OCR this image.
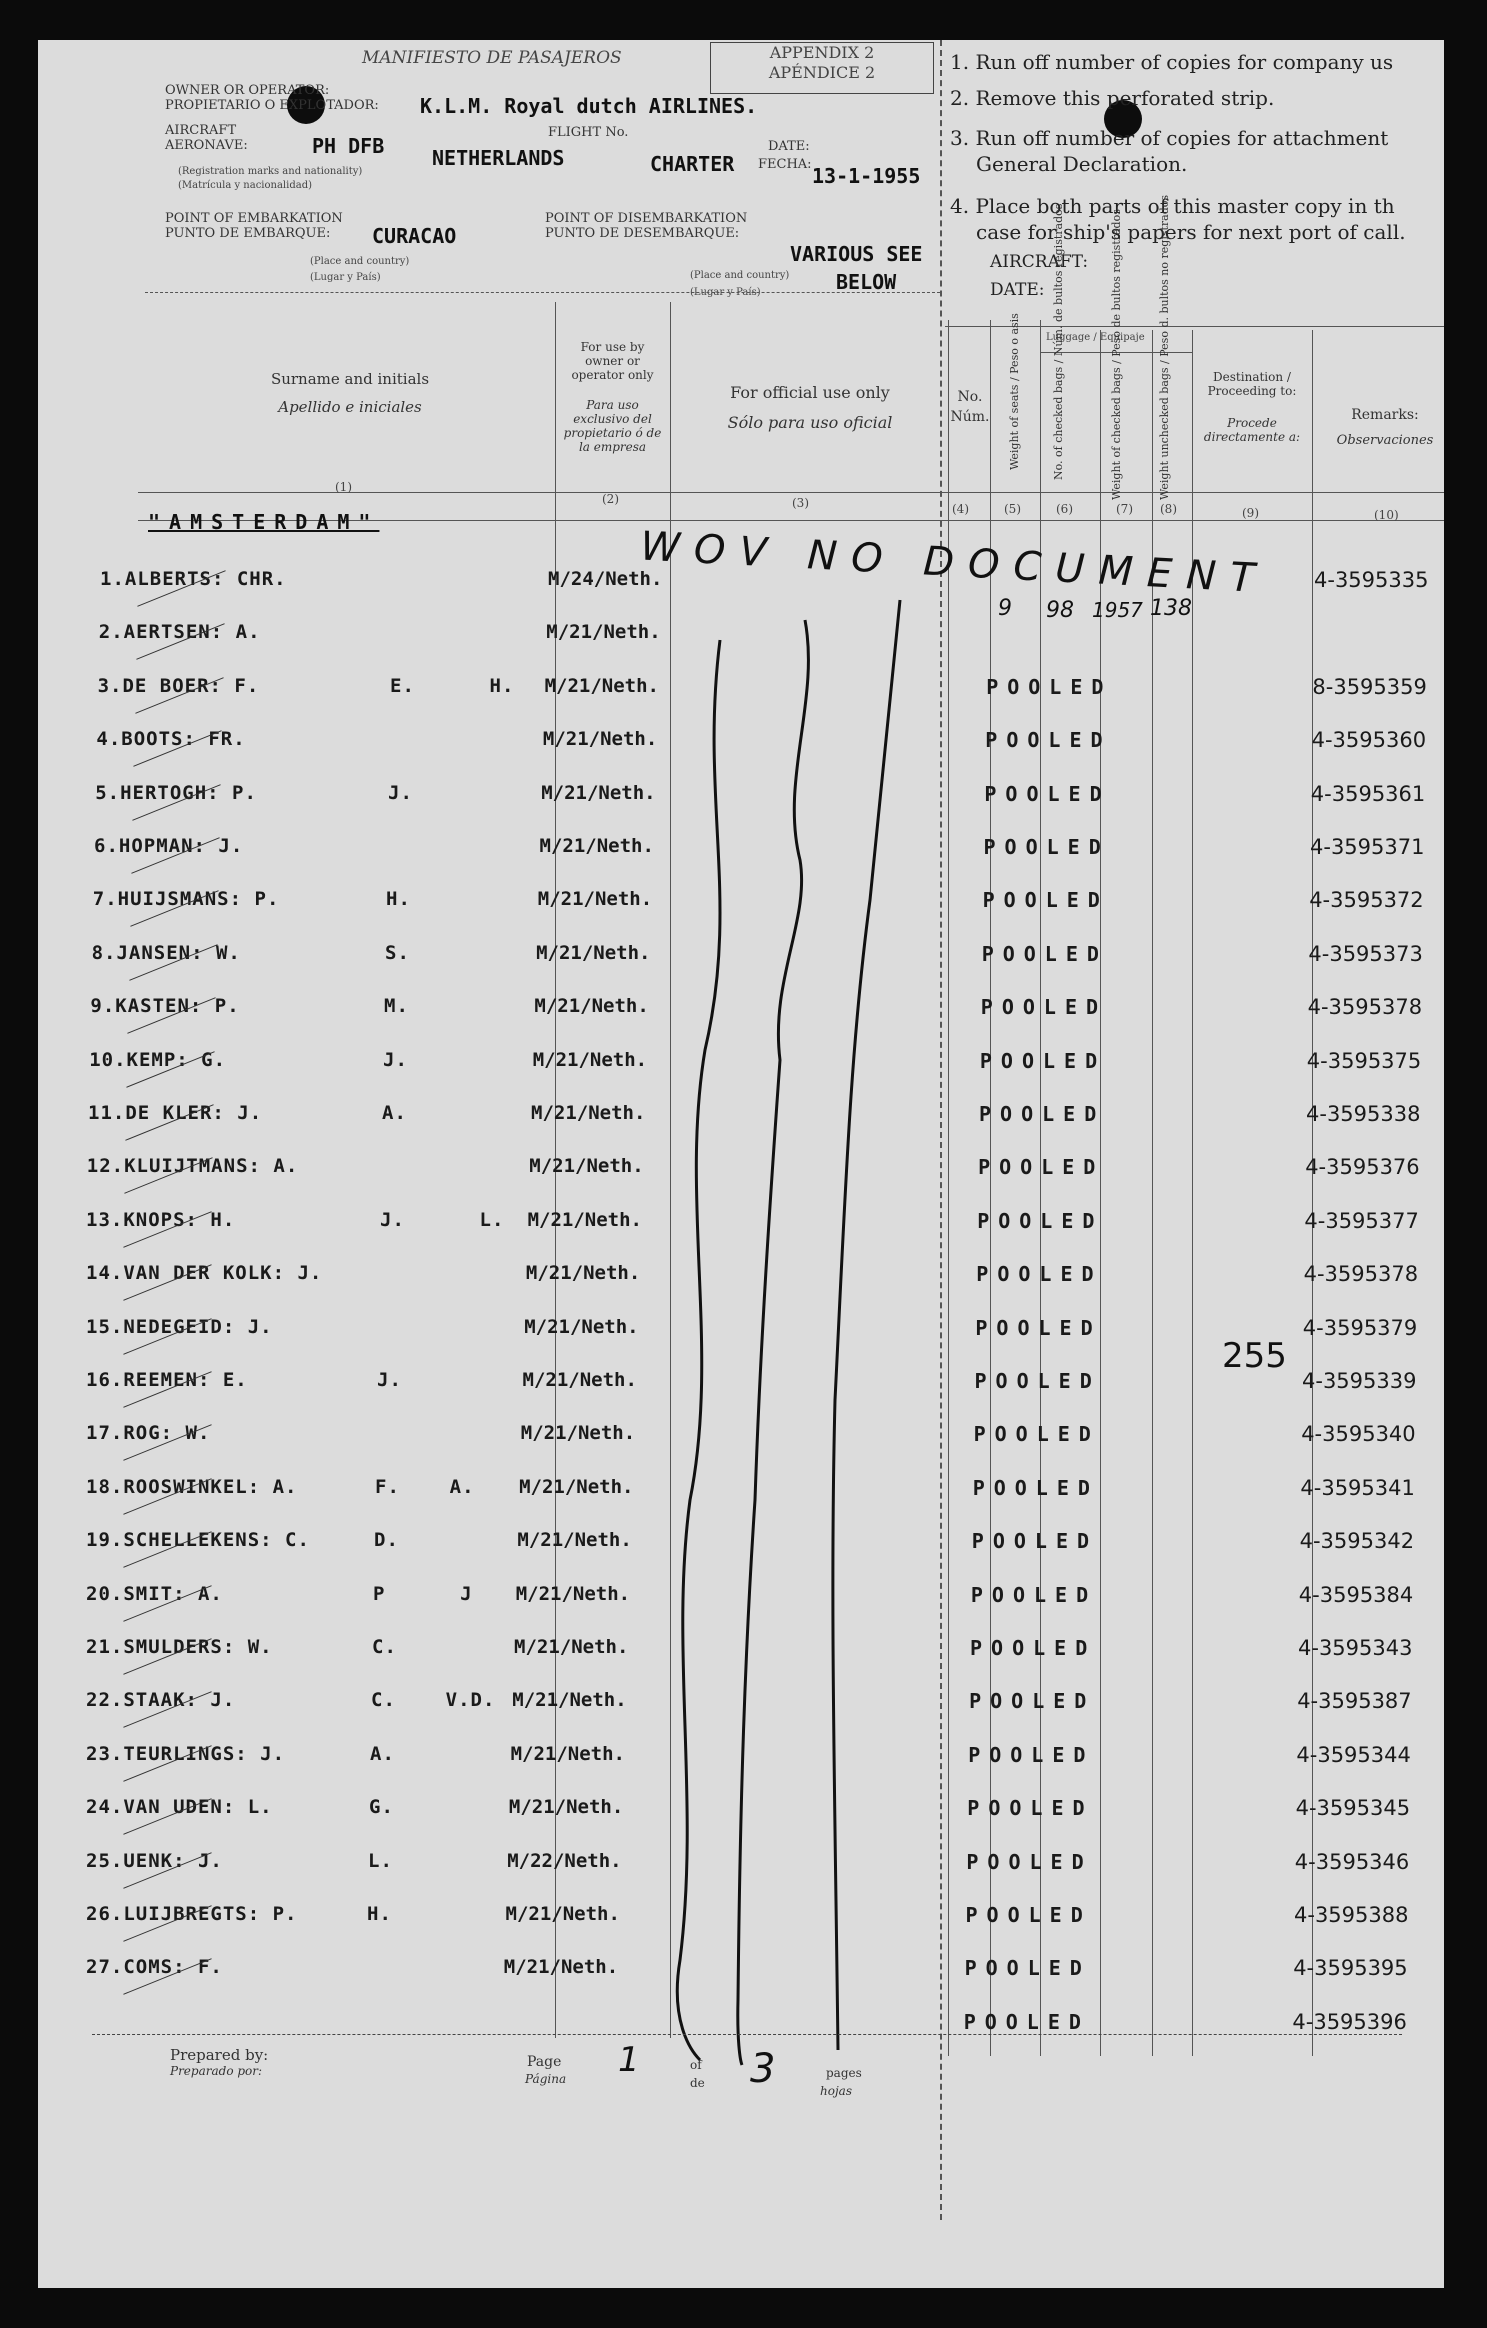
MANIFIESTO DE PASAJEROS	APPENDIX 2
APÉNDICE 2
OWNER OR OPERATOR:
PROPIETARIO O EXPLOTADOR: K.L.M. Royal dutch AIRLINES.
AIRCRAFT
AERONAVE:	PH DFB NETHERLANDS
(Registration marks and nationality)
(Matrícula y nacionalidad)
FLIGHT No.
CHARTER
DATE:
FECHA: 13-1-1955
POINT OF EMBARKATION
PUNTO DE EMBARQUE: CURACAO
(Place and country)
(Lugar y País)
POINT OF DISEMBARKATION
PUNTO DE DESEMBARQUE:
VARIOUS SEE
BELOW
(Place and country)
(Lugar y País)
1. Run off number of copies for company us
2. Remove this perforated strip.
3. Run off number of copies for attachment
General Declaration.
4. Place both parts of this master copy in th
case for ship's papers for next port of call.
AIRCRAFT:
DATE:
Surname and initials
Apellido e iniciales
(1)
For use by owner or operator only
Para uso exclusivo del propietario ó de la empresa
(2)
For official use only
Sólo para uso oficial
(3)
No.
Núm.
(4)
Weight of seats / Peso o asis
(5)
No. of checked bags / Núm. de bultos registrados
(6)
Luggage / Equipaje
Weight of checked bags / Peso de bultos registrados
(7)
Weight unchecked bags / Peso d. bultos no registrados
(8)
Destination / Proceeding to:
Procede directamente a:
(9)
Remarks:
Observaciones
(10)
"AMSTERDAM"
WOV NO DOCUMENT
9 98 1957 138
255
1.ALBERTS: CHR.	M/24/Neth.	4-3595335
2.AERTSEN: A.	M/21/Neth.
3.DE BOER: F.	E.      H. M/21/Neth.	POOLED	8-3595359
4.BOOTS: FR.	M/21/Neth.	POOLED	4-3595360
5.HERTOGH: P.	J.	M/21/Neth.	POOLED	4-3595361
6.HOPMAN: J.	M/21/Neth.	POOLED	4-3595371
7.HUIJSMANS: P.	H.	M/21/Neth.	POOLED	4-3595372
8.JANSEN: W.	S.	M/21/Neth.	POOLED	4-3595373
9.KASTEN: P.	M.	M/21/Neth.	POOLED	4-3595378
10.KEMP: G.	J.	M/21/Neth.	POOLED	4-3595375
11.DE KLER: J.	A.	M/21/Neth.	POOLED	4-3595338
12.KLUIJTMANS: A.	M/21/Neth.	POOLED	4-3595376
13.KNOPS: H.	J.      L. M/21/Neth.	POOLED	4-3595377
14.VAN DER KOLK: J.	M/21/Neth.	POOLED	4-3595378
15.NEDEGEID: J.	M/21/Neth.	POOLED	4-3595379
16.REEMEN: E.	J.	M/21/Neth.	POOLED	4-3595339
17.ROG: W.	M/21/Neth.	POOLED	4-3595340
18.ROOSWINKEL: A.	F.    A. M/21/Neth.	POOLED	4-3595341
19.SCHELLEKENS: C.	D.	M/21/Neth.	POOLED	4-3595342
20.SMIT: A.	P      J M/21/Neth.	POOLED	4-3595384
21.SMULDERS: W.	C.	M/21/Neth.	POOLED	4-3595343
22.STAAK: J.	C.    V.D. M/21/Neth.	POOLED	4-3595387
23.TEURLINGS: J.	A.	M/21/Neth.	POOLED	4-3595344
24.VAN UDEN: L.	G.	M/21/Neth.	POOLED	4-3595345
25.UENK: J.	L.	M/22/Neth.	POOLED	4-3595346
26.LUIJBREGTS: P.	H.	M/21/Neth.	POOLED	4-3595388
27.COMS: F.	M/21/Neth.	POOLED	4-3595395
POOLED	4-3595396
Prepared by:
Preparado por:
Page
Página 1	of
de 3	pages
hojas
